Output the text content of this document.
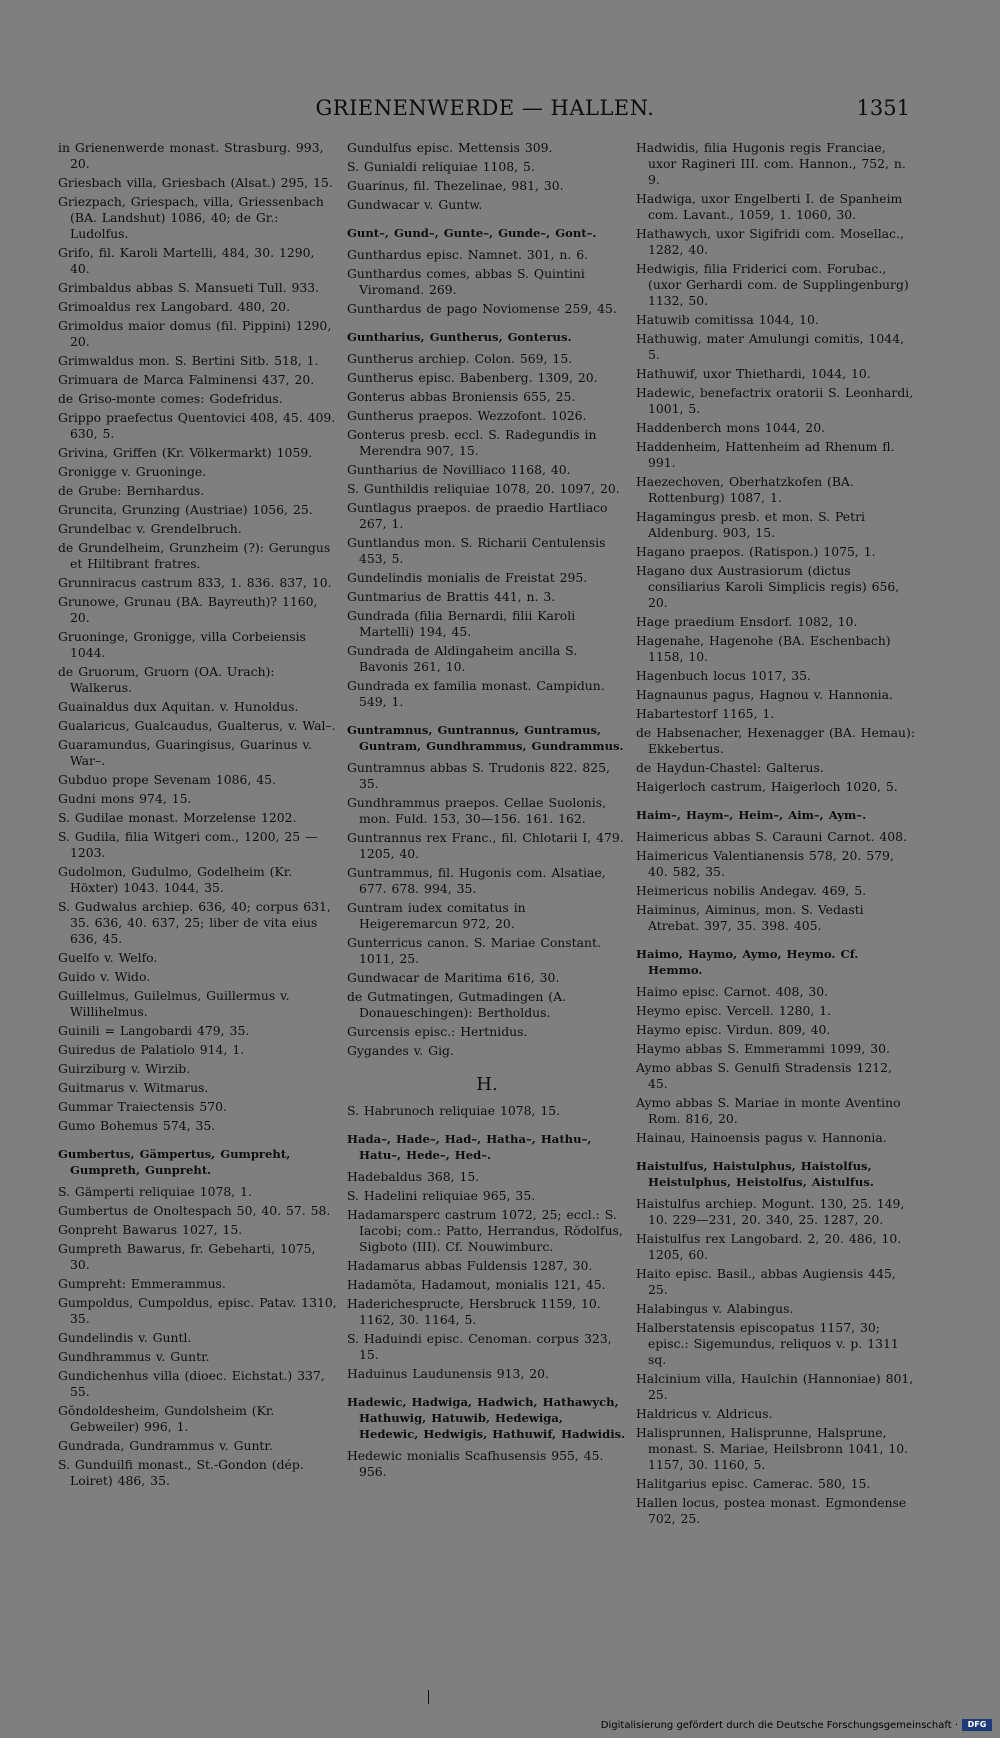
GRIENENWERDE — HALLEN.	1351
in Grienenwerde monast. Strasburg. 993, 20.
Griesbach villa, Griesbach (Alsat.) 295, 15.
Griezpach, Griespach, villa, Griessenbach (BA. Landshut) 1086, 40; de Gr.: Ludolfus.
Grifo, fil. Karoli Martelli, 484, 30. 1290, 40.
Grimbaldus abbas S. Mansueti Tull. 933.
Grimoaldus rex Langobard. 480, 20.
Grimoldus maior domus (fil. Pippini) 1290, 20.
Grimwaldus mon. S. Bertini Sitb. 518, 1.
Grimuara de Marca Falminensi 437, 20.
de Griso-monte comes: Godefridus.
Grippo praefectus Quentovici 408, 45. 409. 630, 5.
Grivina, Griffen (Kr. Völkermarkt) 1059.
Gronigge v. Gruoninge.
de Grube: Bernhardus.
Gruncita, Grunzing (Austriae) 1056, 25.
Grundelbac v. Grendelbruch.
de Grundelheim, Grunzheim (?): Gerungus et Hiltibrant fratres.
Grunniracus castrum 833, 1. 836. 837, 10.
Grunowe, Grunau (BA. Bayreuth)? 1160, 20.
Gruoninge, Gronigge, villa Corbeiensis 1044.
de Gruorum, Gruorn (OA. Urach): Walkerus.
Guainaldus dux Aquitan. v. Hunoldus.
Gualaricus, Gualcaudus, Gualterus, v. Wal–.
Guaramundus, Guaringisus, Guarinus v. War–.
Gubduo prope Sevenam 1086, 45.
Gudni mons 974, 15.
S. Gudilae monast. Morzelense 1202.
S. Gudila, filia Witgeri com., 1200, 25 —1203.
Gudolmon, Gudulmo, Godelheim (Kr. Höxter) 1043. 1044, 35.
S. Gudwalus archiep. 636, 40; corpus 631, 35. 636, 40. 637, 25; liber de vita eius 636, 45.
Guelfo v. Welfo.
Guido v. Wido.
Guillelmus, Guilelmus, Guillermus v. Willihelmus.
Guinili = Langobardi 479, 35.
Guiredus de Palatiolo 914, 1.
Guirziburg v. Wirzib.
Guitmarus v. Witmarus.
Gummar Traiectensis 570.
Gumo Bohemus 574, 35.
Gumbertus, Gämpertus, Gumpreht, Gumpreth, Gunpreht.
S. Gämperti reliquiae 1078, 1.
Gumbertus de Onoltespach 50, 40. 57. 58.
Gonpreht Bawarus 1027, 15.
Gumpreth Bawarus, fr. Gebeharti, 1075, 30.
Gumpreht: Emmerammus.
Gumpoldus, Cumpoldus, episc. Patav. 1310, 35.
Gundelindis v. Guntl.
Gundhrammus v. Guntr.
Gundichenhus villa (dioec. Eichstat.) 337, 55.
Gŏndoldesheim, Gundolsheim (Kr. Gebweiler) 996, 1.
Gundrada, Gundrammus v. Guntr.
S. Gunduilfi monast., St.-Gondon (dép. Loiret) 486, 35.
Gundulfus episc. Mettensis 309.
S. Gunialdi reliquiae 1108, 5.
Guarinus, fil. Thezelinae, 981, 30.
Gundwacar v. Guntw.
Gunt–, Gund–, Gunte–, Gunde–, Gont–.
Gunthardus episc. Namnet. 301, n. 6.
Gunthardus comes, abbas S. Quintini Viromand. 269.
Gunthardus de pago Noviomense 259, 45.
Guntharius, Guntherus, Gonterus.
Guntherus archiep. Colon. 569, 15.
Guntherus episc. Babenberg. 1309, 20.
Gonterus abbas Broniensis 655, 25.
Guntherus praepos. Wezzofont. 1026.
Gonterus presb. eccl. S. Radegundis in Merendra 907, 15.
Guntharius de Novilliaco 1168, 40.
S. Gunthildis reliquiae 1078, 20. 1097, 20.
Guntlagus praepos. de praedio Hartliaco 267, 1.
Guntlandus mon. S. Richarii Centulensis 453, 5.
Gundelindis monialis de Freistat 295.
Guntmarius de Brattis 441, n. 3.
Gundrada (filia Bernardi, filii Karoli Martelli) 194, 45.
Gundrada de Aldingaheim ancilla S. Bavonis 261, 10.
Gundrada ex familia monast. Campidun. 549, 1.
Guntramnus, Guntrannus, Guntramus, Guntram, Gundhrammus, Gundrammus.
Guntramnus abbas S. Trudonis 822. 825, 35.
Gundhrammus praepos. Cellae Suolonis, mon. Fuld. 153, 30—156. 161. 162.
Guntrannus rex Franc., fil. Chlotarii I, 479. 1205, 40.
Guntrammus, fil. Hugonis com. Alsatiae, 677. 678. 994, 35.
Guntram iudex comitatus in Heigeremarcun 972, 20.
Gunterricus canon. S. Mariae Constant. 1011, 25.
Gundwacar de Maritima 616, 30.
de Gutmatingen, Gutmadingen (A. Donaueschingen): Bertholdus.
Gurcensis episc.: Hertnidus.
Gygandes v. Gig.
H.
S. Habrunoch reliquiae 1078, 15.
Hada–, Hade–, Had–, Hatha–, Hathu–, Hatu–, Hede–, Hed–.
Hadebaldus 368, 15.
S. Hadelini reliquiae 965, 35.
Hadamarsperc castrum 1072, 25; eccl.: S. Iacobi; com.: Patto, Herrandus, Rŏdolfus, Sigboto (III). Cf. Nouwimburc.
Hadamarus abbas Fuldensis 1287, 30.
Hadamŏta, Hadamout, monialis 121, 45.
Haderichespructe, Hersbruck 1159, 10. 1162, 30. 1164, 5.
S. Haduindi episc. Cenoman. corpus 323, 15.
Haduinus Laudunensis 913, 20.
Hadewic, Hadwiga, Hadwich, Hathawych, Hathuwig, Hatuwib, Hedewiga, Hedewic, Hedwigis, Hathuwif, Hadwidis.
Hedewic monialis Scafhusensis 955, 45. 956.
Hadwidis, filia Hugonis regis Franciae, uxor Ragineri III. com. Hannon., 752, n. 9.
Hadwiga, uxor Engelberti I. de Spanheim com. Lavant., 1059, 1. 1060, 30.
Hathawych, uxor Sigifridi com. Mosellac., 1282, 40.
Hedwigis, filia Friderici com. Forubac., (uxor Gerhardi com. de Supplingenburg) 1132, 50.
Hatuwib comitissa 1044, 10.
Hathuwig, mater Amulungi comitis, 1044, 5.
Hathuwif, uxor Thiethardi, 1044, 10.
Hadewic, benefactrix oratorii S. Leonhardi, 1001, 5.
Haddenberch mons 1044, 20.
Haddenheim, Hattenheim ad Rhenum fl. 991.
Haezechoven, Oberhatzkofen (BA. Rottenburg) 1087, 1.
Hagamingus presb. et mon. S. Petri Aldenburg. 903, 15.
Hagano praepos. (Ratispon.) 1075, 1.
Hagano dux Austrasiorum (dictus consiliarius Karoli Simplicis regis) 656, 20.
Hage praedium Ensdorf. 1082, 10.
Hagenahe, Hagenohe (BA. Eschenbach) 1158, 10.
Hagenbuch locus 1017, 35.
Hagnaunus pagus, Hagnou v. Hannonia.
Habartestorf 1165, 1.
de Habsenacher, Hexenagger (BA. Hemau): Ekkebertus.
de Haydun-Chastel: Galterus.
Haigerloch castrum, Haigerloch 1020, 5.
Haim–, Haym–, Heim–, Aim–, Aym–.
Haimericus abbas S. Carauni Carnot. 408.
Haimericus Valentianensis 578, 20. 579, 40. 582, 35.
Heimericus nobilis Andegav. 469, 5.
Haiminus, Aiminus, mon. S. Vedasti Atrebat. 397, 35. 398. 405.
Haimo, Haymo, Aymo, Heymo. Cf. Hemmo.
Haimo episc. Carnot. 408, 30.
Heymo episc. Vercell. 1280, 1.
Haymo episc. Virdun. 809, 40.
Haymo abbas S. Emmerammi 1099, 30.
Aymo abbas S. Genulfi Stradensis 1212, 45.
Aymo abbas S. Mariae in monte Aventino Rom. 816, 20.
Hainau, Hainoensis pagus v. Hannonia.
Haistulfus, Haistulphus, Haistolfus, Heistulphus, Heistolfus, Aistulfus.
Haistulfus archiep. Mogunt. 130, 25. 149, 10. 229—231, 20. 340, 25. 1287, 20.
Haistulfus rex Langobard. 2, 20. 486, 10. 1205, 60.
Haito episc. Basil., abbas Augiensis 445, 25.
Halabingus v. Alabingus.
Halberstatensis episcopatus 1157, 30; episc.: Sigemundus, reliquos v. p. 1311 sq.
Halcinium villa, Haulchin (Hannoniae) 801, 25.
Haldricus v. Aldricus.
Halisprunnen, Halisprunne, Halsprune, monast. S. Mariae, Heilsbronn 1041, 10. 1157, 30. 1160, 5.
Halitgarius episc. Camerac. 580, 15.
Hallen locus, postea monast. Egmondense 702, 25.
Digitalisierung gefördert durch die Deutsche Forschungsgemeinschaft ·	DFG
